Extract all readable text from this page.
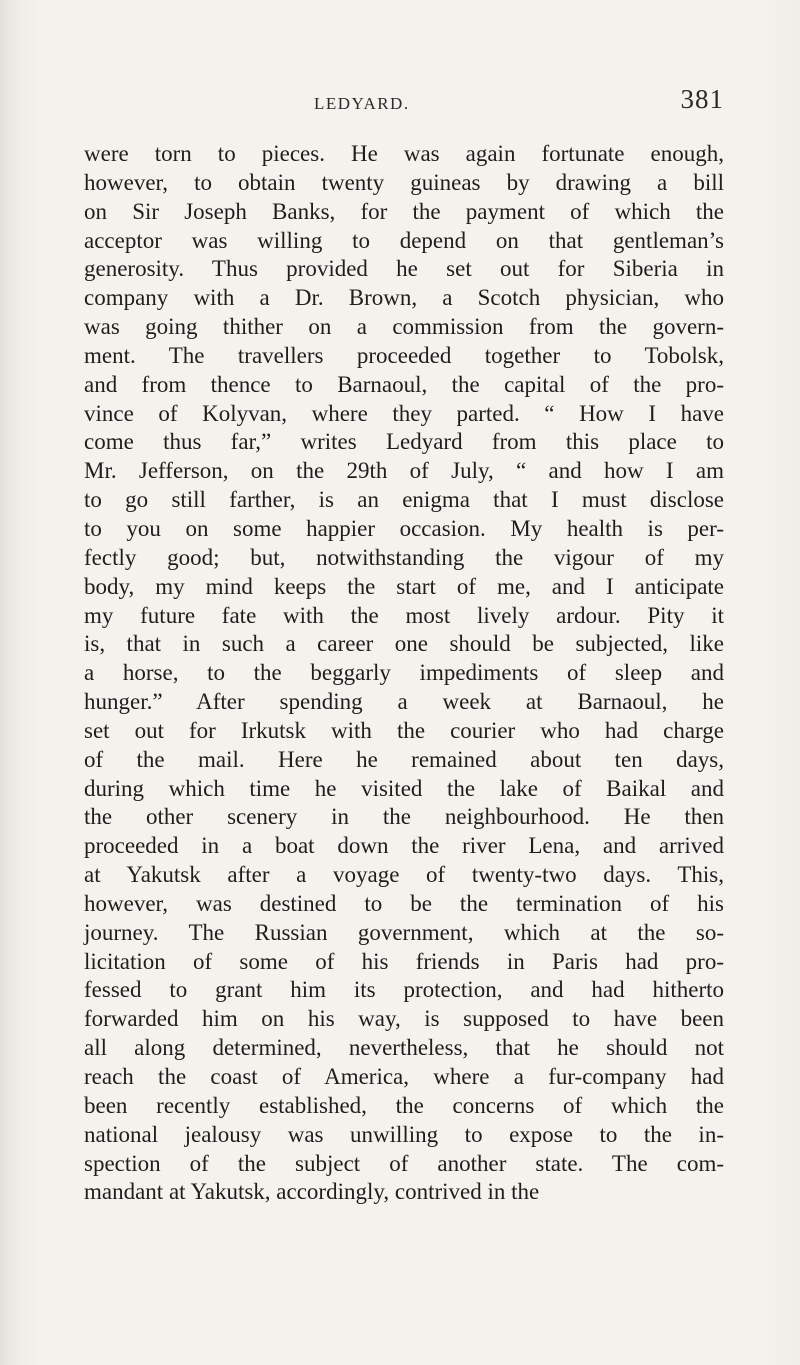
LEDYARD.	381
were torn to pieces. He was again fortunate enough,
however, to obtain twenty guineas by drawing a bill
on Sir Joseph Banks, for the payment of which the
acceptor was willing to depend on that gentleman’s
generosity. Thus provided he set out for Siberia in
company with a Dr. Brown, a Scotch physician, who
was going thither on a commission from the govern-
ment. The travellers proceeded together to Tobolsk,
and from thence to Barnaoul, the capital of the pro-
vince of Kolyvan, where they parted. “ How I have
come thus far,” writes Ledyard from this place to
Mr. Jefferson, on the 29th of July, “ and how I am
to go still farther, is an enigma that I must disclose
to you on some happier occasion. My health is per-
fectly good; but, notwithstanding the vigour of my
body, my mind keeps the start of me, and I anticipate
my future fate with the most lively ardour. Pity it
is, that in such a career one should be subjected, like
a horse, to the beggarly impediments of sleep and
hunger.” After spending a week at Barnaoul, he
set out for Irkutsk with the courier who had charge
of the mail. Here he remained about ten days,
during which time he visited the lake of Baikal and
the other scenery in the neighbourhood. He then
proceeded in a boat down the river Lena, and arrived
at Yakutsk after a voyage of twenty-two days. This,
however, was destined to be the termination of his
journey. The Russian government, which at the so-
licitation of some of his friends in Paris had pro-
fessed to grant him its protection, and had hitherto
forwarded him on his way, is supposed to have been
all along determined, nevertheless, that he should not
reach the coast of America, where a fur-company had
been recently established, the concerns of which the
national jealousy was unwilling to expose to the in-
spection of the subject of another state. The com-
mandant at Yakutsk, accordingly, contrived in the
